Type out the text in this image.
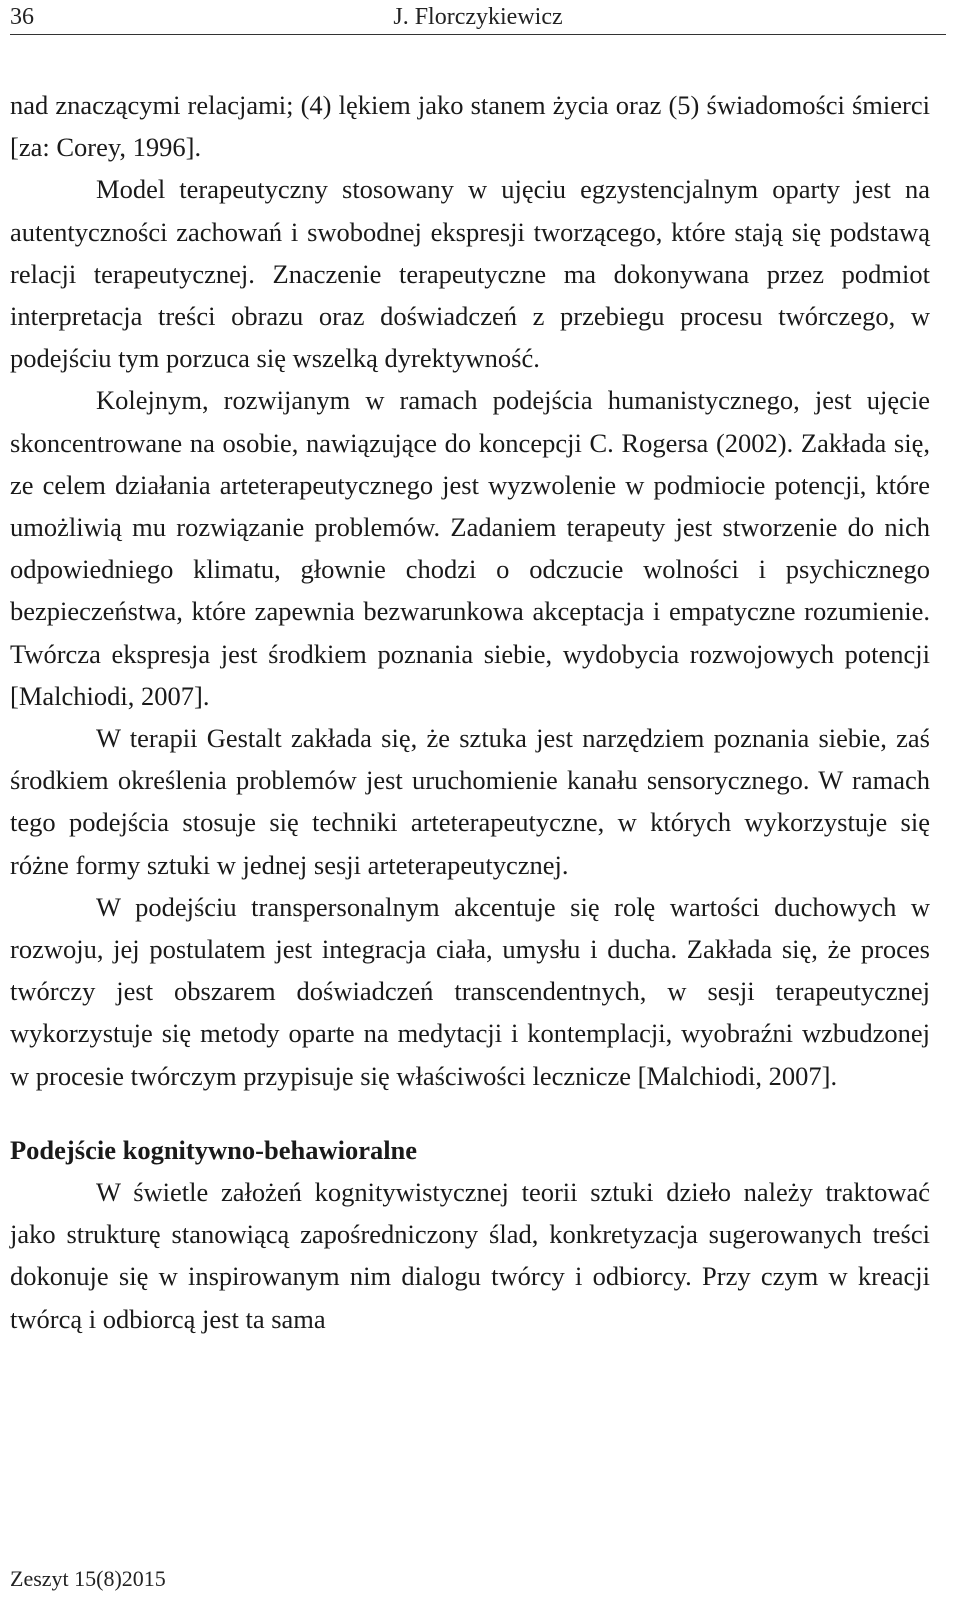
36	J. Florczykiewicz

nad znaczącymi relacjami; (4) lękiem jako stanem życia oraz (5) świadomości śmierci [za: Corey, 1996].

Model terapeutyczny stosowany w ujęciu egzystencjalnym oparty jest na autentyczności zachowań i swobodnej ekspresji tworzącego, które stają się podstawą relacji terapeutycznej. Znaczenie terapeutyczne ma dokonywana przez podmiot interpretacja treści obrazu oraz doświadczeń z przebiegu procesu twórczego, w podejściu tym porzuca się wszelką dyrektywność.

Kolejnym, rozwijanym w ramach podejścia humanistycznego, jest ujęcie skoncentrowane na osobie, nawiązujące do koncepcji C. Rogersa (2002). Zakłada się, ze celem działania arteterapeutycznego jest wyzwolenie w podmiocie potencji, które umożliwią mu rozwiązanie problemów. Zadaniem terapeuty jest stworzenie do nich odpowiedniego klimatu, głownie chodzi o odczucie wolności i psychicznego bezpieczeństwa, które zapewnia bezwarunkowa akceptacja i empatyczne rozumienie. Twórcza ekspresja jest środkiem poznania siebie, wydobycia rozwojowych potencji [Malchiodi, 2007].

W terapii Gestalt zakłada się, że sztuka jest narzędziem poznania siebie, zaś środkiem określenia problemów jest uruchomienie kanału sensorycznego. W ramach tego podejścia stosuje się techniki arteterapeutyczne, w których wykorzystuje się różne formy sztuki w jednej sesji arteterapeutycznej.

W podejściu transpersonalnym akcentuje się rolę wartości duchowych w rozwoju, jej postulatem jest integracja ciała, umysłu i ducha. Zakłada się, że proces twórczy jest obszarem doświadczeń transcendentnych, w sesji terapeutycznej wykorzystuje się metody oparte na medytacji i kontemplacji, wyobraźni wzbudzonej w procesie twórczym przypisuje się właściwości lecznicze [Malchiodi, 2007].

Podejście kognitywno-behawioralne

W świetle założeń kognitywistycznej teorii sztuki dzieło należy traktować jako strukturę stanowiącą zapośredniczony ślad, konkretyzacja sugerowanych treści dokonuje się w inspirowanym nim dialogu twórcy i odbiorcy. Przy czym w kreacji twórcą i odbiorcą jest ta sama

Zeszyt 15(8)2015
